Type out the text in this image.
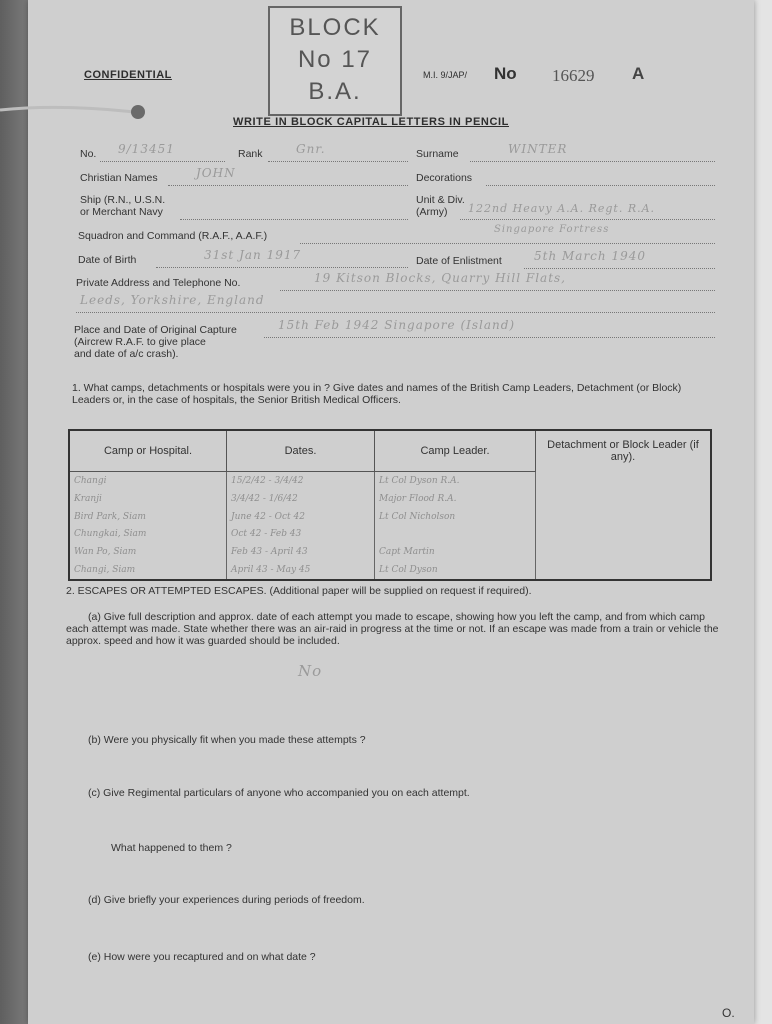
CONFIDENTIAL
BLOCK
No 17
B.A.
M.I. 9/JAP/ No 16629 A
WRITE IN BLOCK CAPITAL LETTERS IN PENCIL
No. 9/13451	Rank	Gnr.	Surname	WINTER
Christian Names	JOHN	Decorations
Ship (R.N., U.S.N.
or Merchant Navy
Unit & Div.
(Army) 122nd Heavy A.A. Regt. R.A.
Singapore Fortress
Squadron and Command (R.A.F., A.A.F.)
Date of Birth	31st Jan 1917	Date of Enlistment	5th March 1940
Private Address and Telephone No.	19 Kitson Blocks, Quarry Hill Flats,
Leeds, Yorkshire, England
Place and Date of Original Capture
(Aircrew R.A.F. to give place
and date of a/c crash).
15th Feb 1942 Singapore (Island)
1. What camps, detachments or hospitals were you in ? Give dates and names of the British Camp Leaders, Detachment (or Block) Leaders or, in the case of hospitals, the Senior British Medical Officers.
Camp or Hospital.	Dates.	Camp Leader.	Detachment or Block Leader (if any).
Changi	15/2/42 - 3/4/42	Lt Col Dyson R.A.	
Kranji	3/4/42 - 1/6/42	Major Flood R.A.	
Bird Park, Siam	June 42 - Oct 42	Lt Col Nicholson	
Chungkai, Siam	Oct 42 - Feb 43		
Wan Po, Siam	Feb 43 - April 43	Capt Martin	
Changi, Siam	April 43 - May 45	Lt Col Dyson	
2. ESCAPES OR ATTEMPTED ESCAPES. (Additional paper will be supplied on request if required).
(a) Give full description and approx. date of each attempt you made to escape, showing how you left the camp, and from which camp each attempt was made. State whether there was an air-raid in progress at the time or not. If an escape was made from a train or vehicle the approx. speed and how it was guarded should be included.
No
(b) Were you physically fit when you made these attempts ?
(c) Give Regimental particulars of anyone who accompanied you on each attempt.
What happened to them ?
(d) Give briefly your experiences during periods of freedom.
(e) How were you recaptured and on what date ?
O.
